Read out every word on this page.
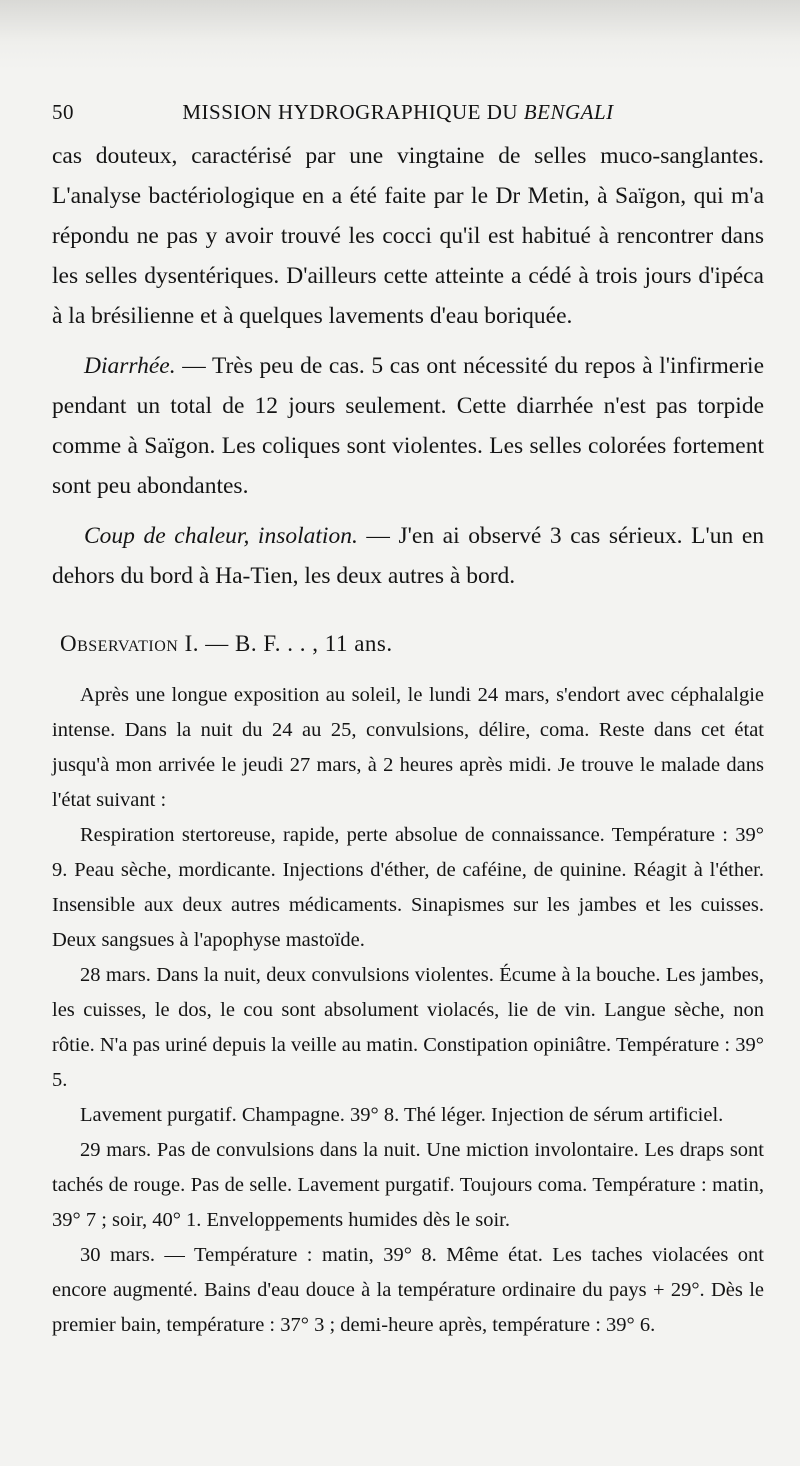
50	MISSION HYDROGRAPHIQUE DU BENGALI

cas douteux, caractérisé par une vingtaine de selles muco-sanglantes. L'analyse bactériologique en a été faite par le Dr Metin, à Saïgon, qui m'a répondu ne pas y avoir trouvé les cocci qu'il est habitué à rencontrer dans les selles dysentériques. D'ailleurs cette atteinte a cédé à trois jours d'ipéca à la brésilienne et à quelques lavements d'eau boriquée.

Diarrhée. — Très peu de cas. 5 cas ont nécessité du repos à l'infirmerie pendant un total de 12 jours seulement. Cette diarrhée n'est pas torpide comme à Saïgon. Les coliques sont violentes. Les selles colorées fortement sont peu abondantes.

Coup de chaleur, insolation. — J'en ai observé 3 cas sérieux. L'un en dehors du bord à Ha-Tien, les deux autres à bord.

Observation I. — B. F. . . , 11 ans.

Après une longue exposition au soleil, le lundi 24 mars, s'endort avec céphalalgie intense. Dans la nuit du 24 au 25, convulsions, délire, coma. Reste dans cet état jusqu'à mon arrivée le jeudi 27 mars, à 2 heures après midi. Je trouve le malade dans l'état suivant :

Respiration stertoreuse, rapide, perte absolue de connaissance. Température : 39° 9. Peau sèche, mordicante. Injections d'éther, de caféine, de quinine. Réagit à l'éther. Insensible aux deux autres médicaments. Sinapismes sur les jambes et les cuisses. Deux sangsues à l'apophyse mastoïde.

28 mars. Dans la nuit, deux convulsions violentes. Écume à la bouche. Les jambes, les cuisses, le dos, le cou sont absolument violacés, lie de vin. Langue sèche, non rôtie. N'a pas uriné depuis la veille au matin. Constipation opiniâtre. Température : 39° 5.

Lavement purgatif. Champagne. 39° 8. Thé léger. Injection de sérum artificiel.

29 mars. Pas de convulsions dans la nuit. Une miction involontaire. Les draps sont tachés de rouge. Pas de selle. Lavement purgatif. Toujours coma. Température : matin, 39° 7 ; soir, 40° 1. Enveloppements humides dès le soir.

30 mars. — Température : matin, 39° 8. Même état. Les taches violacées ont encore augmenté. Bains d'eau douce à la température ordinaire du pays + 29°. Dès le premier bain, température : 37° 3 ; demi-heure après, température : 39° 6.
